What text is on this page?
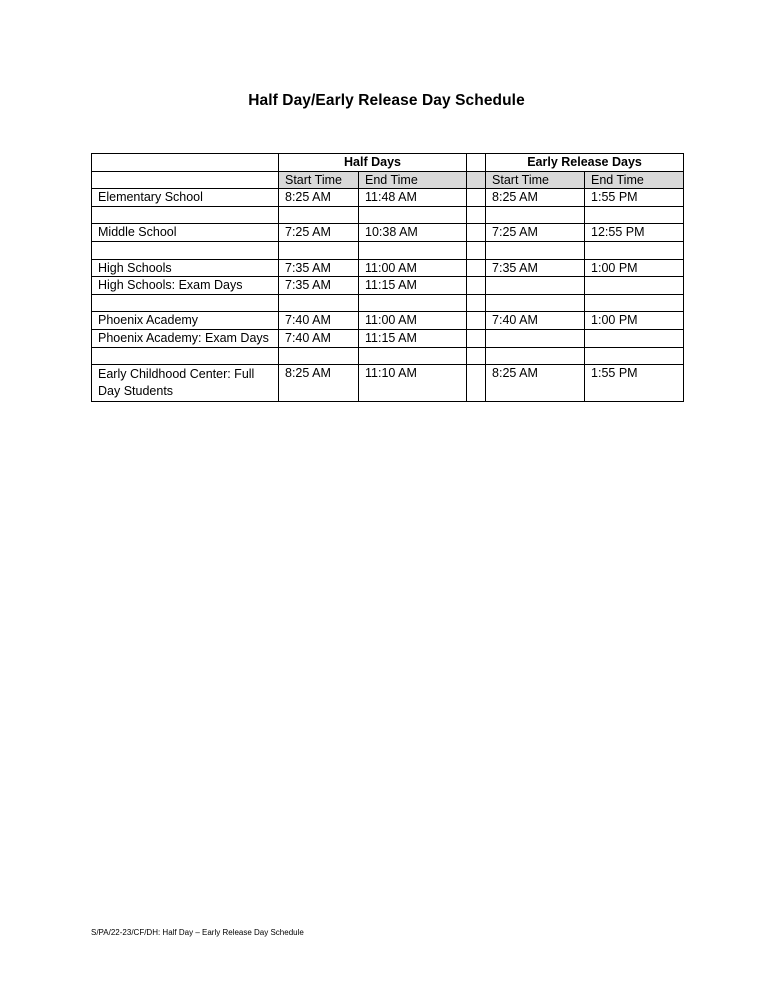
Half Day/Early Release Day Schedule
	Half Days			Early Release Days	
	Start Time	End Time		Start Time	End Time
Elementary School	8:25 AM	11:48 AM		8:25 AM	1:55 PM

Middle School	7:25 AM	10:38 AM		7:25 AM	12:55 PM

High Schools	7:35 AM	11:00 AM		7:35 AM	1:00 PM
High Schools: Exam Days	7:35 AM	11:15 AM			

Phoenix Academy	7:40 AM	11:00 AM		7:40 AM	1:00 PM
Phoenix Academy: Exam Days	7:40 AM	11:15 AM			

Early Childhood Center: Full Day Students	8:25 AM	11:10 AM		8:25 AM	1:55 PM
S/PA/22-23/CF/DH: Half Day – Early Release Day Schedule
